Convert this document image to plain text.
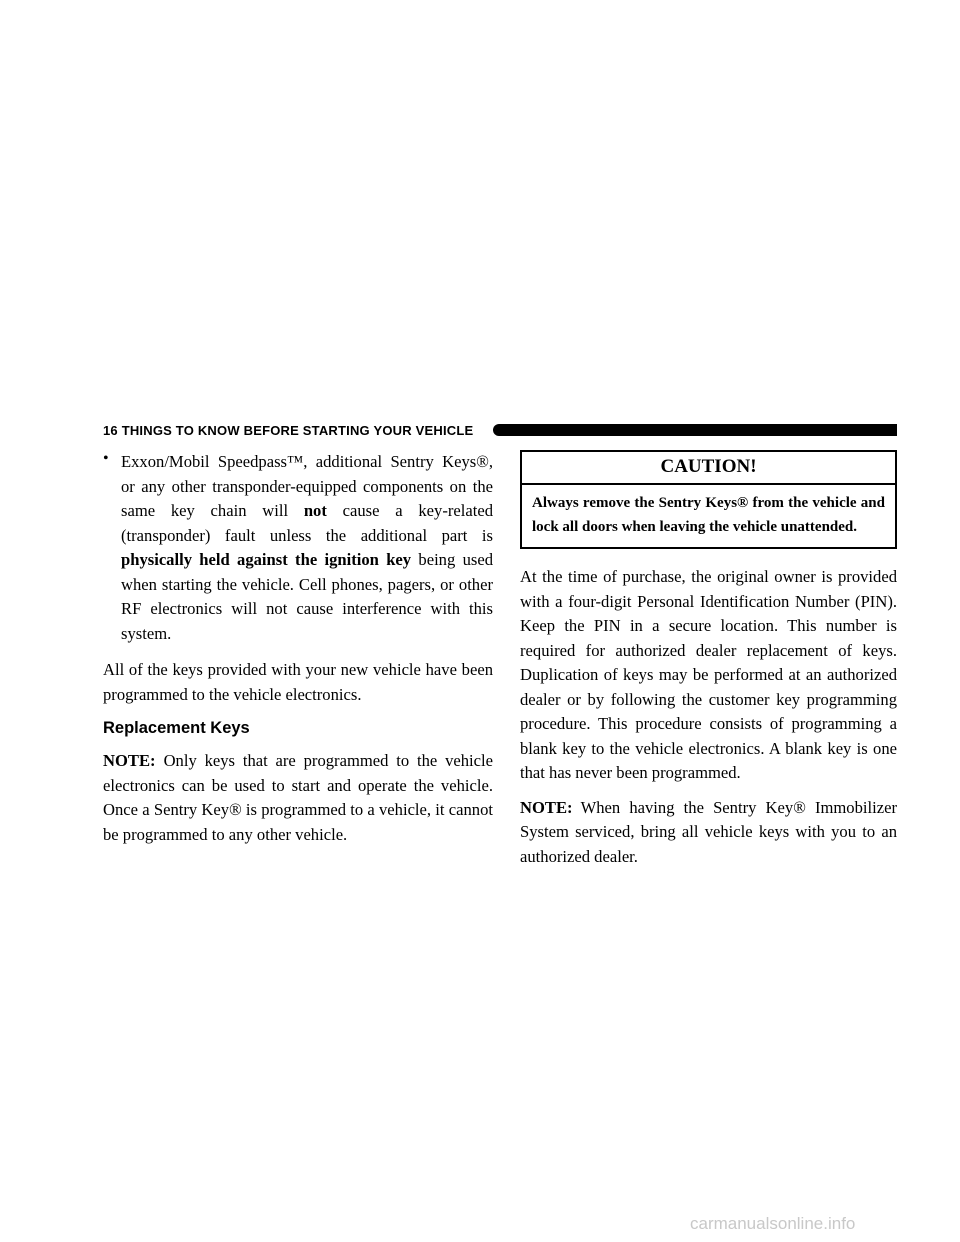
16 THINGS TO KNOW BEFORE STARTING YOUR VEHICLE
• Exxon/Mobil Speedpass™, additional Sentry Keys®, or any other transponder-equipped components on the same key chain will not cause a key-related (transponder) fault unless the additional part is physically held against the ignition key being used when starting the vehicle. Cell phones, pagers, or other RF electronics will not cause interference with this system.

All of the keys provided with your new vehicle have been programmed to the vehicle electronics.

Replacement Keys

NOTE: Only keys that are programmed to the vehicle electronics can be used to start and operate the vehicle. Once a Sentry Key® is programmed to a vehicle, it cannot be programmed to any other vehicle.

CAUTION!
Always remove the Sentry Keys® from the vehicle and lock all doors when leaving the vehicle unattended.

At the time of purchase, the original owner is provided with a four-digit Personal Identification Number (PIN). Keep the PIN in a secure location. This number is required for authorized dealer replacement of keys. Duplication of keys may be performed at an authorized dealer or by following the customer key programming procedure. This procedure consists of programming a blank key to the vehicle electronics. A blank key is one that has never been programmed.

NOTE: When having the Sentry Key® Immobilizer System serviced, bring all vehicle keys with you to an authorized dealer.

carmanualsonline.info
